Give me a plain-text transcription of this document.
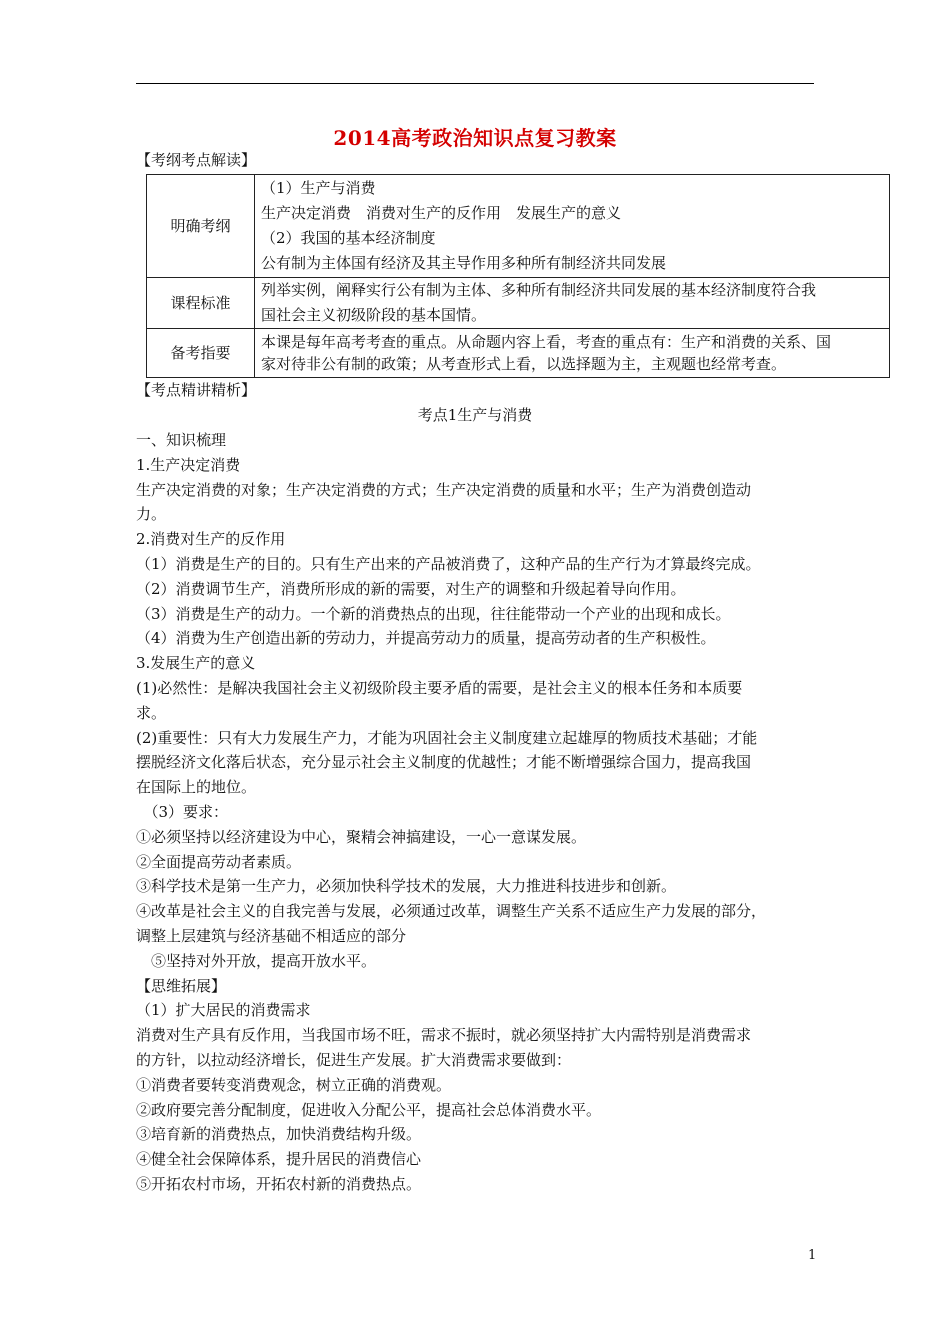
2014高考政治知识点复习教案
【考纲考点解读】
明确考纲	（1）生产与消费
生产决定消费　消费对生产的反作用　发展生产的意义
（2）我国的基本经济制度
公有制为主体国有经济及其主导作用多种所有制经济共同发展

课程标准	列举实例，阐释实行公有制为主体、多种所有制经济共同发展的基本经济制度符合我
国社会主义初级阶段的基本国情。

备考指要	本课是每年高考考查的重点。从命题内容上看，考查的重点有：生产和消费的关系、国
家对待非公有制的政策；从考查形式上看，以选择题为主，主观题也经常考查。
【考点精讲精析】
考点1生产与消费
一、知识梳理
1.生产决定消费
生产决定消费的对象；生产决定消费的方式；生产决定消费的质量和水平；生产为消费创造动
力。
2.消费对生产的反作用
（1）消费是生产的目的。只有生产出来的产品被消费了，这种产品的生产行为才算最终完成。
（2）消费调节生产，消费所形成的新的需要，对生产的调整和升级起着导向作用。
（3）消费是生产的动力。一个新的消费热点的出现，往往能带动一个产业的出现和成长。
（4）消费为生产创造出新的劳动力，并提高劳动力的质量，提高劳动者的生产积极性。
3.发展生产的意义
(1)必然性：是解决我国社会主义初级阶段主要矛盾的需要，是社会主义的根本任务和本质要
求。
(2)重要性：只有大力发展生产力，才能为巩固社会主义制度建立起雄厚的物质技术基础；才能
摆脱经济文化落后状态，充分显示社会主义制度的优越性；才能不断增强综合国力，提高我国
在国际上的地位。
　（3）要求：
①必须坚持以经济建设为中心，聚精会神搞建设，一心一意谋发展。
②全面提高劳动者素质。
③科学技术是第一生产力，必须加快科学技术的发展，大力推进科技进步和创新。
④改革是社会主义的自我完善与发展，必须通过改革，调整生产关系不适应生产力发展的部分，
调整上层建筑与经济基础不相适应的部分
　⑤坚持对外开放，提高开放水平。
【思维拓展】
（1）扩大居民的消费需求
消费对生产具有反作用，当我国市场不旺，需求不振时，就必须坚持扩大内需特别是消费需求
的方针，以拉动经济增长，促进生产发展。扩大消费需求要做到：
①消费者要转变消费观念，树立正确的消费观。
②政府要完善分配制度，促进收入分配公平，提高社会总体消费水平。
③培育新的消费热点，加快消费结构升级。
④健全社会保障体系，提升居民的消费信心
⑤开拓农村市场，开拓农村新的消费热点。
1
